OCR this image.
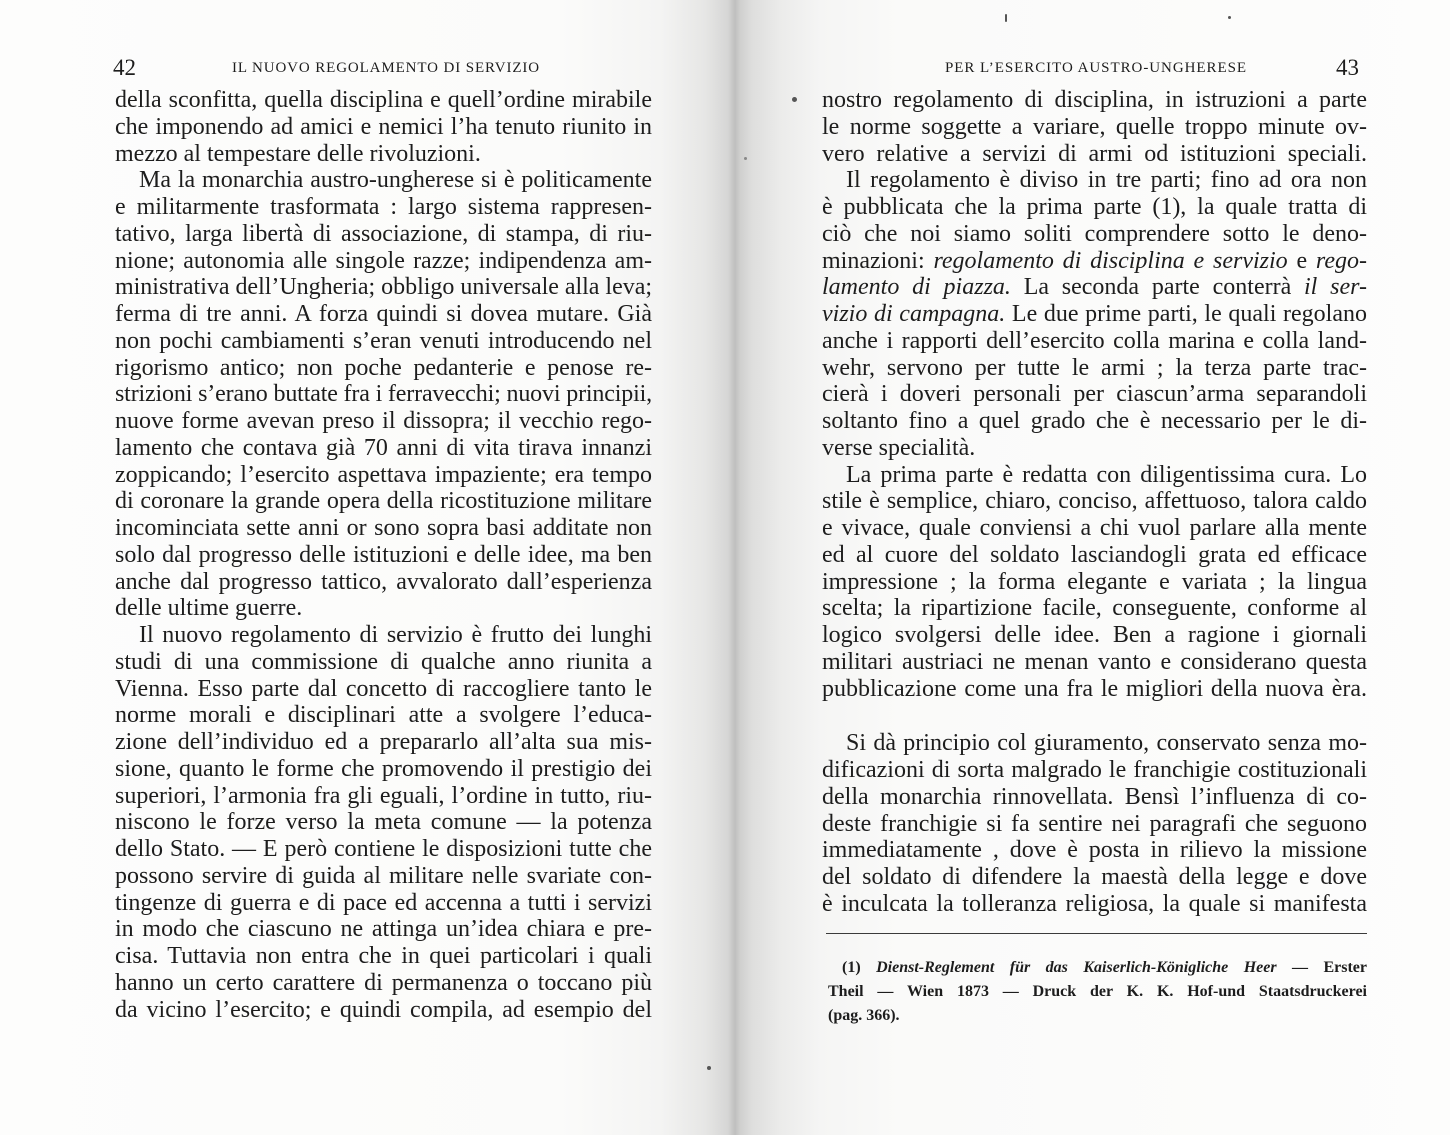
42	IL NUOVO REGOLAMENTO DI SERVIZIO
della sconfitta, quella disciplina e quell’ordine mirabile
che imponendo ad amici e nemici l’ha tenuto riunito in
mezzo al tempestare delle rivoluzioni.
Ma la monarchia austro-ungherese si è politicamente
e militarmente trasformata : largo sistema rappresen-
tativo, larga libertà di associazione, di stampa, di riu-
nione; autonomia alle singole razze; indipendenza am-
ministrativa dell’Ungheria; obbligo universale alla leva;
ferma di tre anni. A forza quindi si dovea mutare. Già
non pochi cambiamenti s’eran venuti introducendo nel
rigorismo antico; non poche pedanterie e penose re-
strizioni s’erano buttate fra i ferravecchi; nuovi principii,
nuove forme avevan preso il dissopra; il vecchio rego-
lamento che contava già 70 anni di vita tirava innanzi
zoppicando; l’esercito aspettava impaziente; era tempo
di coronare la grande opera della ricostituzione militare
incominciata sette anni or sono sopra basi additate non
solo dal progresso delle istituzioni e delle idee, ma ben
anche dal progresso tattico, avvalorato dall’esperienza
delle ultime guerre.
Il nuovo regolamento di servizio è frutto dei lunghi
studi di una commissione di qualche anno riunita a
Vienna. Esso parte dal concetto di raccogliere tanto le
norme morali e disciplinari atte a svolgere l’educa-
zione dell’individuo ed a prepararlo all’alta sua mis-
sione, quanto le forme che promovendo il prestigio dei
superiori, l’armonia fra gli eguali, l’ordine in tutto, riu-
niscono le forze verso la meta comune — la potenza
dello Stato. — E però contiene le disposizioni tutte che
possono servire di guida al militare nelle svariate con-
tingenze di guerra e di pace ed accenna a tutti i servizi
in modo che ciascuno ne attinga un’idea chiara e pre-
cisa. Tuttavia non entra che in quei particolari i quali
hanno un certo carattere di permanenza o toccano più
da vicino l’esercito; e quindi compila, ad esempio del
PER L’ESERCITO AUSTRO-UNGHERESE	43
nostro regolamento di disciplina, in istruzioni a parte
le norme soggette a variare, quelle troppo minute ov-
vero relative a servizi di armi od istituzioni speciali.
Il regolamento è diviso in tre parti; fino ad ora non
è pubblicata che la prima parte (1), la quale tratta di
ciò che noi siamo soliti comprendere sotto le deno-
minazioni: regolamento di disciplina e servizio e rego-
lamento di piazza. La seconda parte conterrà il ser-
vizio di campagna. Le due prime parti, le quali regolano
anche i rapporti dell’esercito colla marina e colla land-
wehr, servono per tutte le armi ; la terza parte trac-
cierà i doveri personali per ciascun’arma separandoli
soltanto fino a quel grado che è necessario per le di-
verse specialità.
La prima parte è redatta con diligentissima cura. Lo
stile è semplice, chiaro, conciso, affettuoso, talora caldo
e vivace, quale conviensi a chi vuol parlare alla mente
ed al cuore del soldato lasciandogli grata ed efficace
impressione ; la forma elegante e variata ; la lingua
scelta; la ripartizione facile, conseguente, conforme al
logico svolgersi delle idee. Ben a ragione i giornali
militari austriaci ne menan vanto e considerano questa
pubblicazione come una fra le migliori della nuova èra.
Si dà principio col giuramento, conservato senza mo-
dificazioni di sorta malgrado le franchigie costituzionali
della monarchia rinnovellata. Bensì l’influenza di co-
deste franchigie si fa sentire nei paragrafi che seguono
immediatamente , dove è posta in rilievo la missione
del soldato di difendere la maestà della legge e dove
è inculcata la tolleranza religiosa, la quale si manifesta
(1) Dienst-Reglement für das Kaiserlich-Königliche Heer — Erster
Theil — Wien 1873 — Druck der K. K. Hof-und Staatsdruckerei
(pag. 366).
